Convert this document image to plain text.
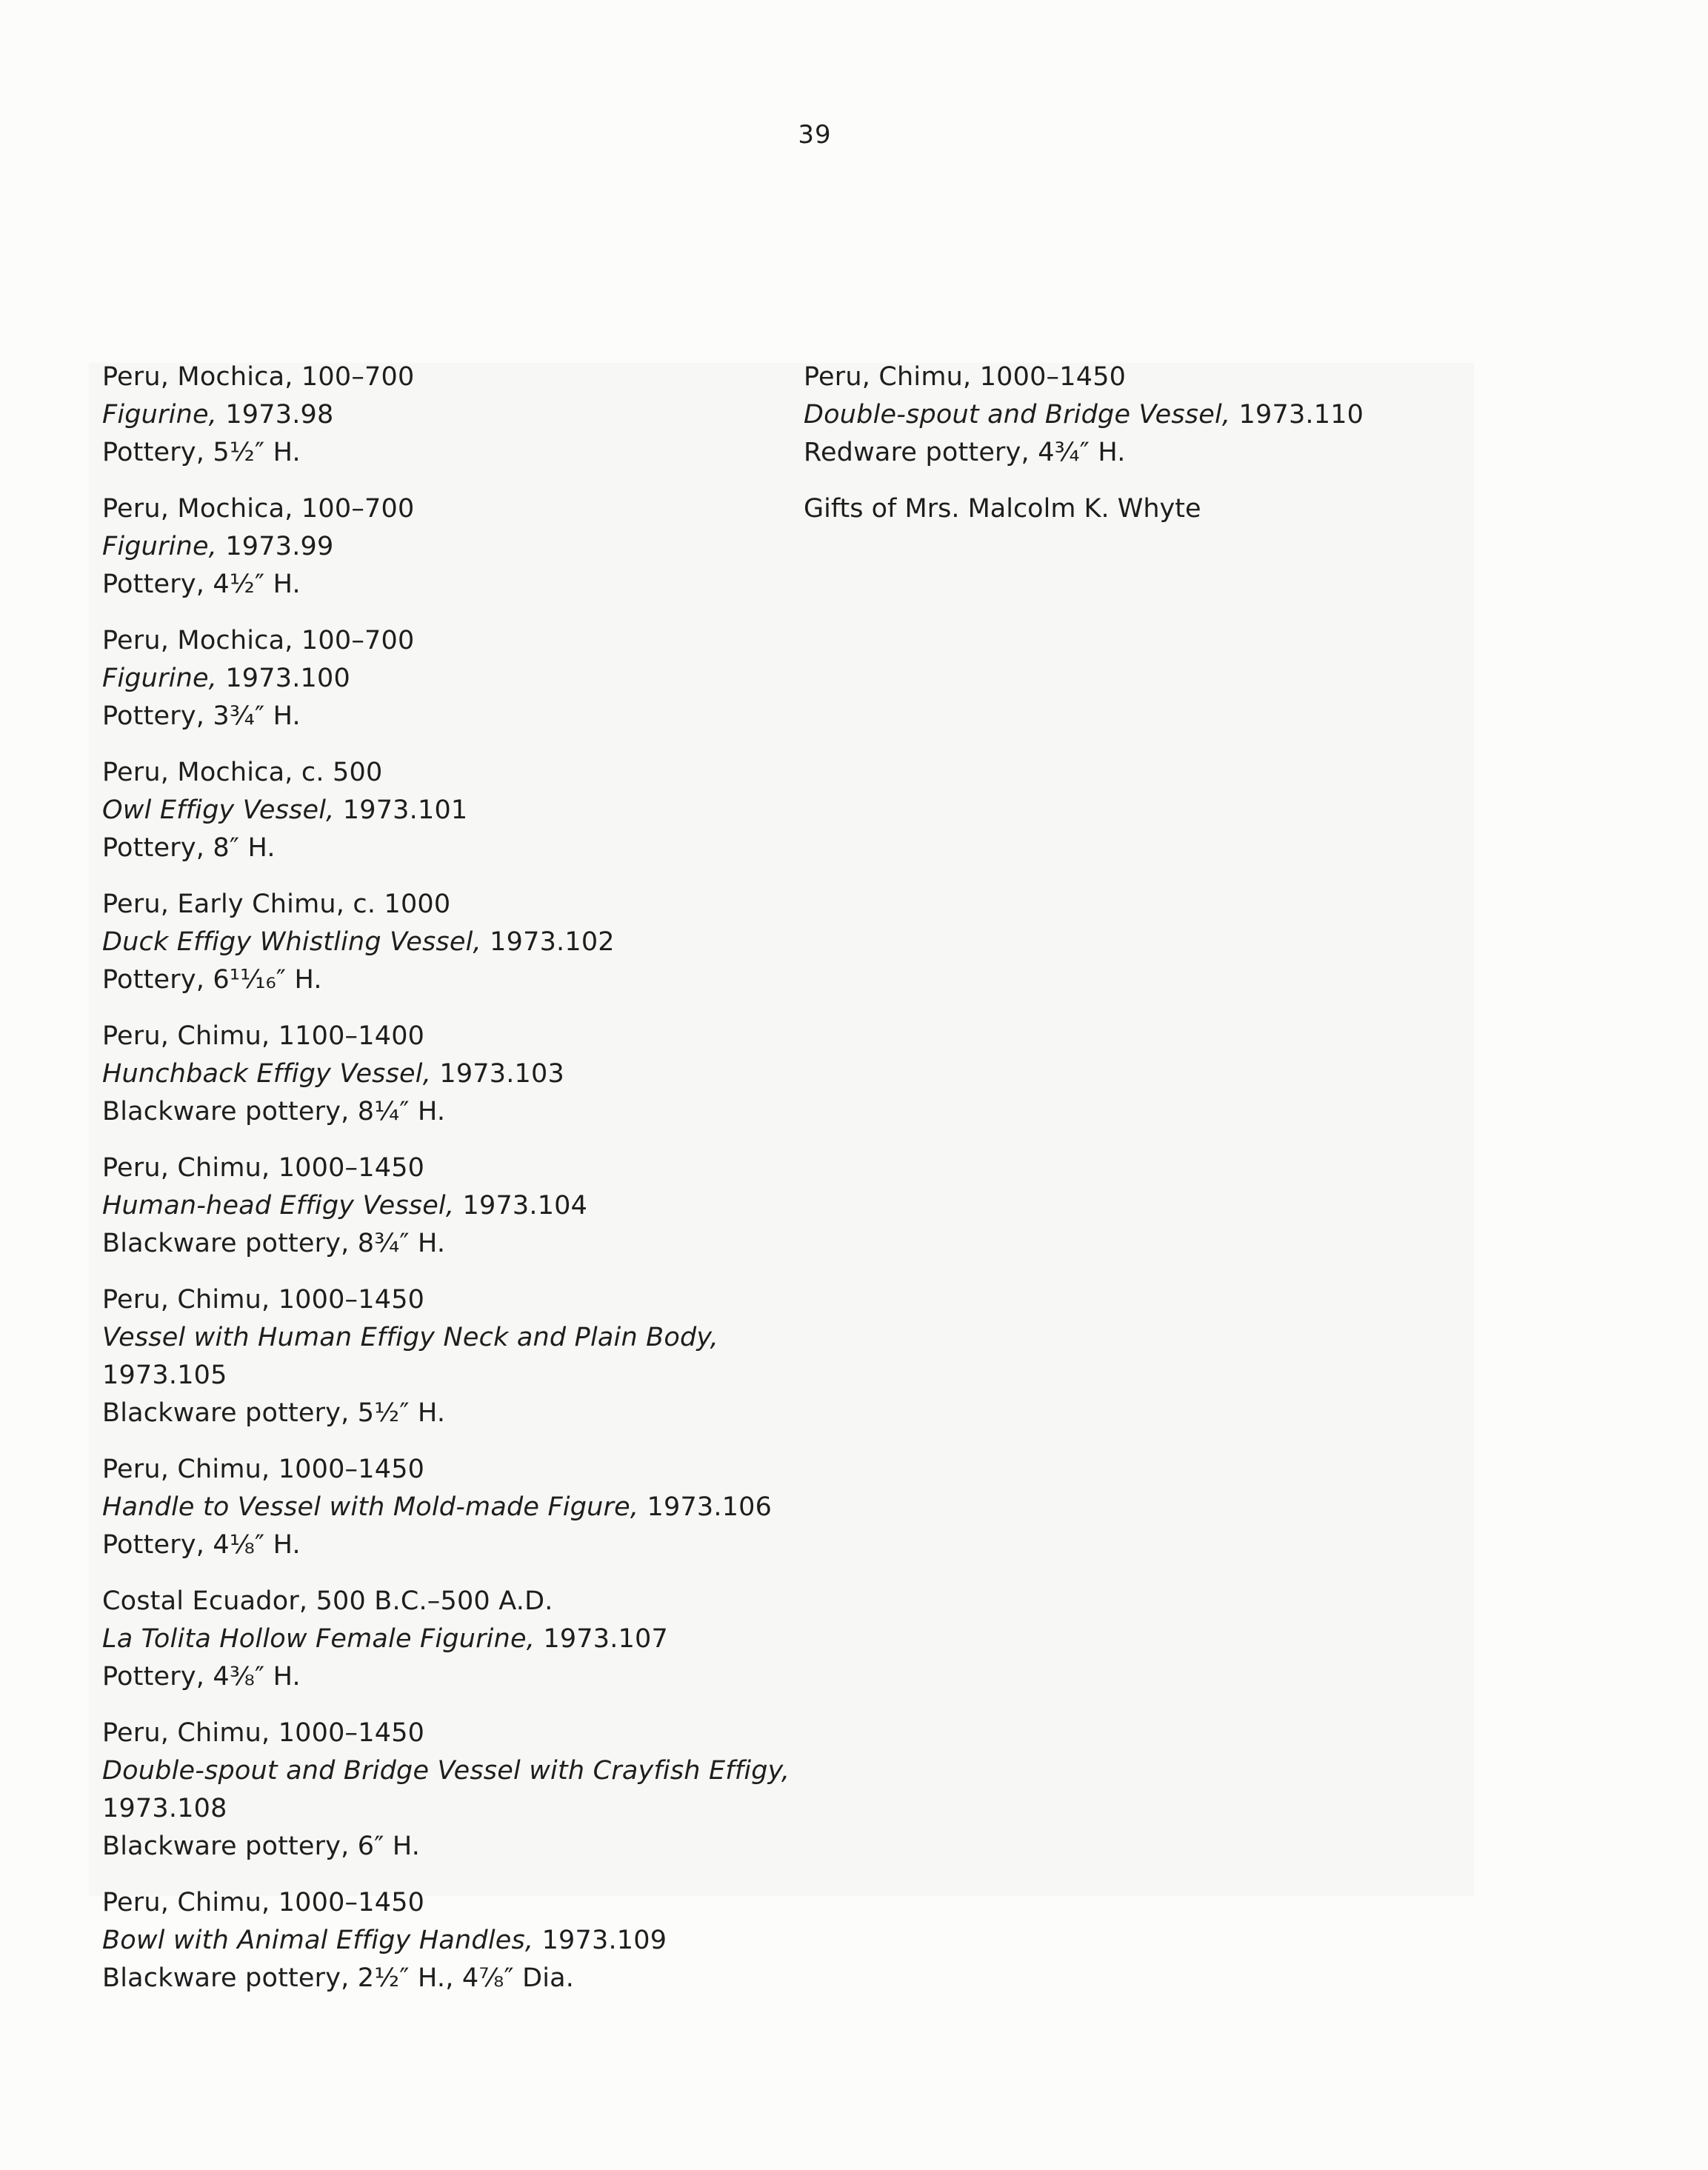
39
Peru, Mochica, 100–700
Figurine, 1973.98
Pottery, 5½″ H.
Peru, Mochica, 100–700
Figurine, 1973.99
Pottery, 4½″ H.
Peru, Mochica, 100–700
Figurine, 1973.100
Pottery, 3¾″ H.
Peru, Mochica, c. 500
Owl Effigy Vessel, 1973.101
Pottery, 8″ H.
Peru, Early Chimu, c. 1000
Duck Effigy Whistling Vessel, 1973.102
Pottery, 6¹¹⁄₁₆″ H.
Peru, Chimu, 1100–1400
Hunchback Effigy Vessel, 1973.103
Blackware pottery, 8¼″ H.
Peru, Chimu, 1000–1450
Human-head Effigy Vessel, 1973.104
Blackware pottery, 8¾″ H.
Peru, Chimu, 1000–1450
Vessel with Human Effigy Neck and Plain Body,
1973.105
Blackware pottery, 5½″ H.
Peru, Chimu, 1000–1450
Handle to Vessel with Mold-made Figure, 1973.106
Pottery, 4⅛″ H.
Costal Ecuador, 500 B.C.–500 A.D.
La Tolita Hollow Female Figurine, 1973.107
Pottery, 4⅜″ H.
Peru, Chimu, 1000–1450
Double-spout and Bridge Vessel with Crayfish Effigy,
1973.108
Blackware pottery, 6″ H.
Peru, Chimu, 1000–1450
Bowl with Animal Effigy Handles, 1973.109
Blackware pottery, 2½″ H., 4⅞″ Dia.
Peru, Chimu, 1000–1450
Double-spout and Bridge Vessel, 1973.110
Redware pottery, 4¾″ H.
Gifts of Mrs. Malcolm K. Whyte
